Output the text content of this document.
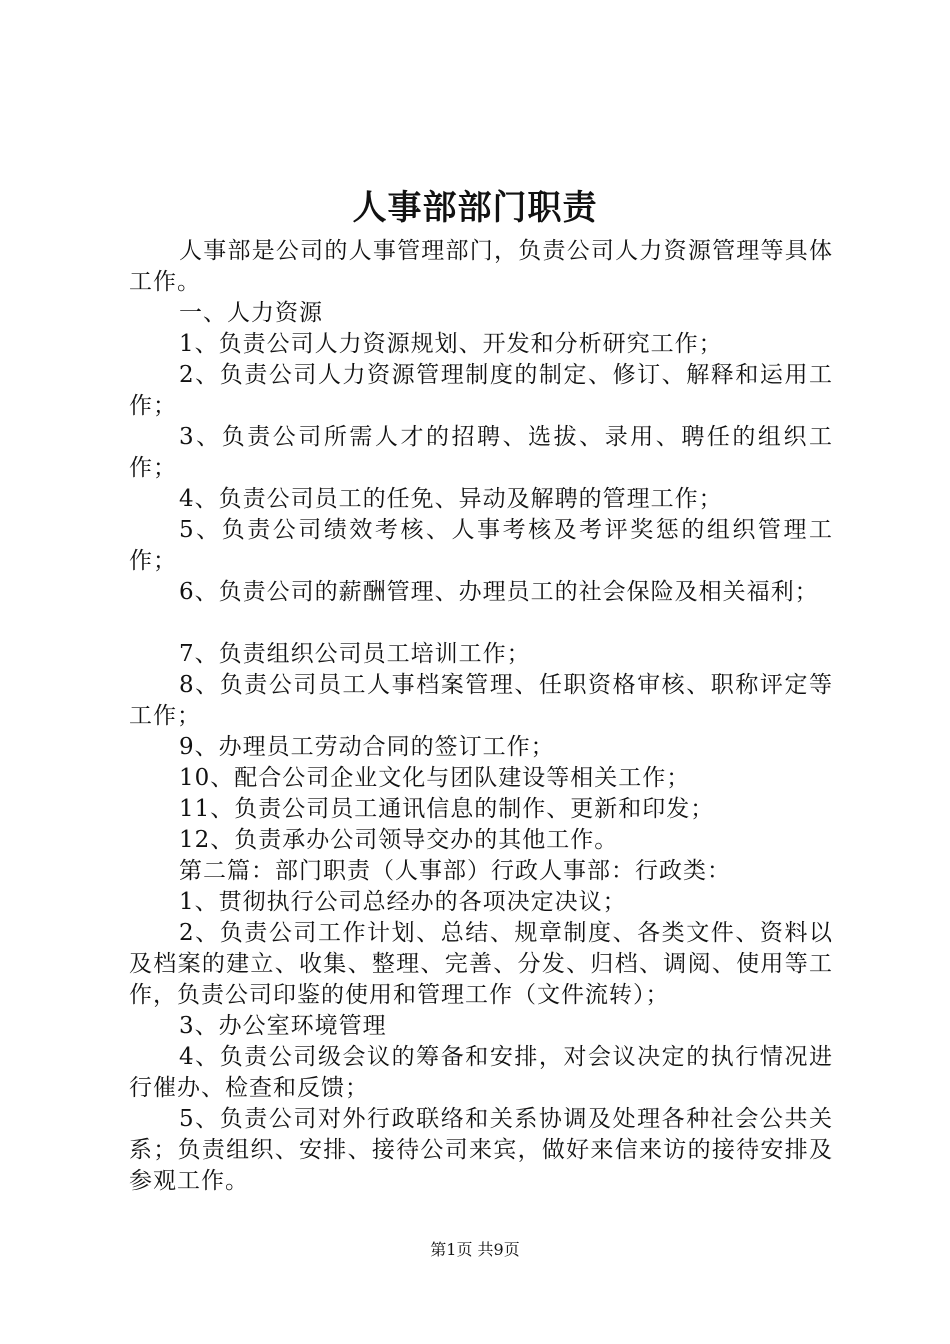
人事部部门职责

人事部是公司的人事管理部门，负责公司人力资源管理等具体工作。

一、人力资源

1、负责公司人力资源规划、开发和分析研究工作；

2、负责公司人力资源管理制度的制定、修订、解释和运用工作；

3、负责公司所需人才的招聘、选拔、录用、聘任的组织工作；

4、负责公司员工的任免、异动及解聘的管理工作；

5、负责公司绩效考核、人事考核及考评奖惩的组织管理工作；

6、负责公司的薪酬管理、办理员工的社会保险及相关福利；

7、负责组织公司员工培训工作；

8、负责公司员工人事档案管理、任职资格审核、职称评定等工作；

9、办理员工劳动合同的签订工作；

10、配合公司企业文化与团队建设等相关工作；

11、负责公司员工通讯信息的制作、更新和印发；

12、负责承办公司领导交办的其他工作。

第二篇：部门职责（人事部）行政人事部：行政类：

1、贯彻执行公司总经办的各项决定决议；

2、负责公司工作计划、总结、规章制度、各类文件、资料以及档案的建立、收集、整理、完善、分发、归档、调阅、使用等工作，负责公司印鉴的使用和管理工作（文件流转）；

3、办公室环境管理

4、负责公司级会议的筹备和安排，对会议决定的执行情况进行催办、检查和反馈；

5、负责公司对外行政联络和关系协调及处理各种社会公共关系；负责组织、安排、接待公司来宾，做好来信来访的接待安排及参观工作。

第1页 共9页
